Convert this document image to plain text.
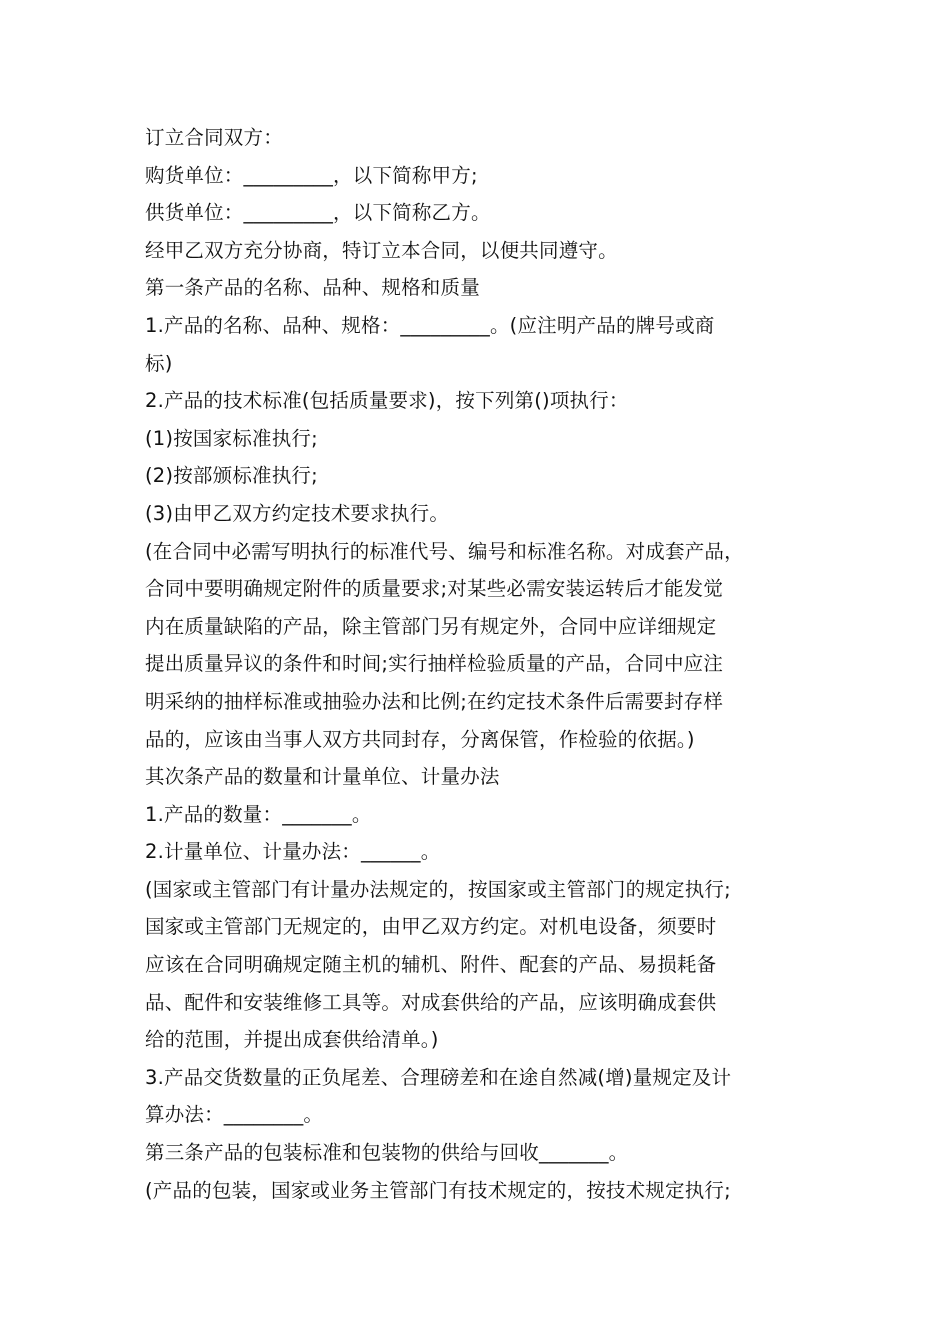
订立合同双方：

购货单位：_________，以下简称甲方;

供货单位：_________，以下简称乙方。

经甲乙双方充分协商，特订立本合同，以便共同遵守。

第一条产品的名称、品种、规格和质量

1.产品的名称、品种、规格：_________。(应注明产品的牌号或商

标)

2.产品的技术标准(包括质量要求)，按下列第()项执行：

(1)按国家标准执行;

(2)按部颁标准执行;

(3)由甲乙双方约定技术要求执行。

(在合同中必需写明执行的标准代号、编号和标准名称。对成套产品，

合同中要明确规定附件的质量要求;对某些必需安装运转后才能发觉

内在质量缺陷的产品，除主管部门另有规定外，合同中应详细规定

提出质量异议的条件和时间;实行抽样检验质量的产品，合同中应注

明采纳的抽样标准或抽验办法和比例;在约定技术条件后需要封存样

品的，应该由当事人双方共同封存，分离保管，作检验的依据。)

其次条产品的数量和计量单位、计量办法

1.产品的数量：_______。

2.计量单位、计量办法：______。

(国家或主管部门有计量办法规定的，按国家或主管部门的规定执行;

国家或主管部门无规定的，由甲乙双方约定。对机电设备，须要时

应该在合同明确规定随主机的辅机、附件、配套的产品、易损耗备

品、配件和安装维修工具等。对成套供给的产品，应该明确成套供

给的范围，并提出成套供给清单。)

3.产品交货数量的正负尾差、合理磅差和在途自然减(增)量规定及计

算办法：________。

第三条产品的包装标准和包装物的供给与回收_______。

(产品的包装，国家或业务主管部门有技术规定的，按技术规定执行;
